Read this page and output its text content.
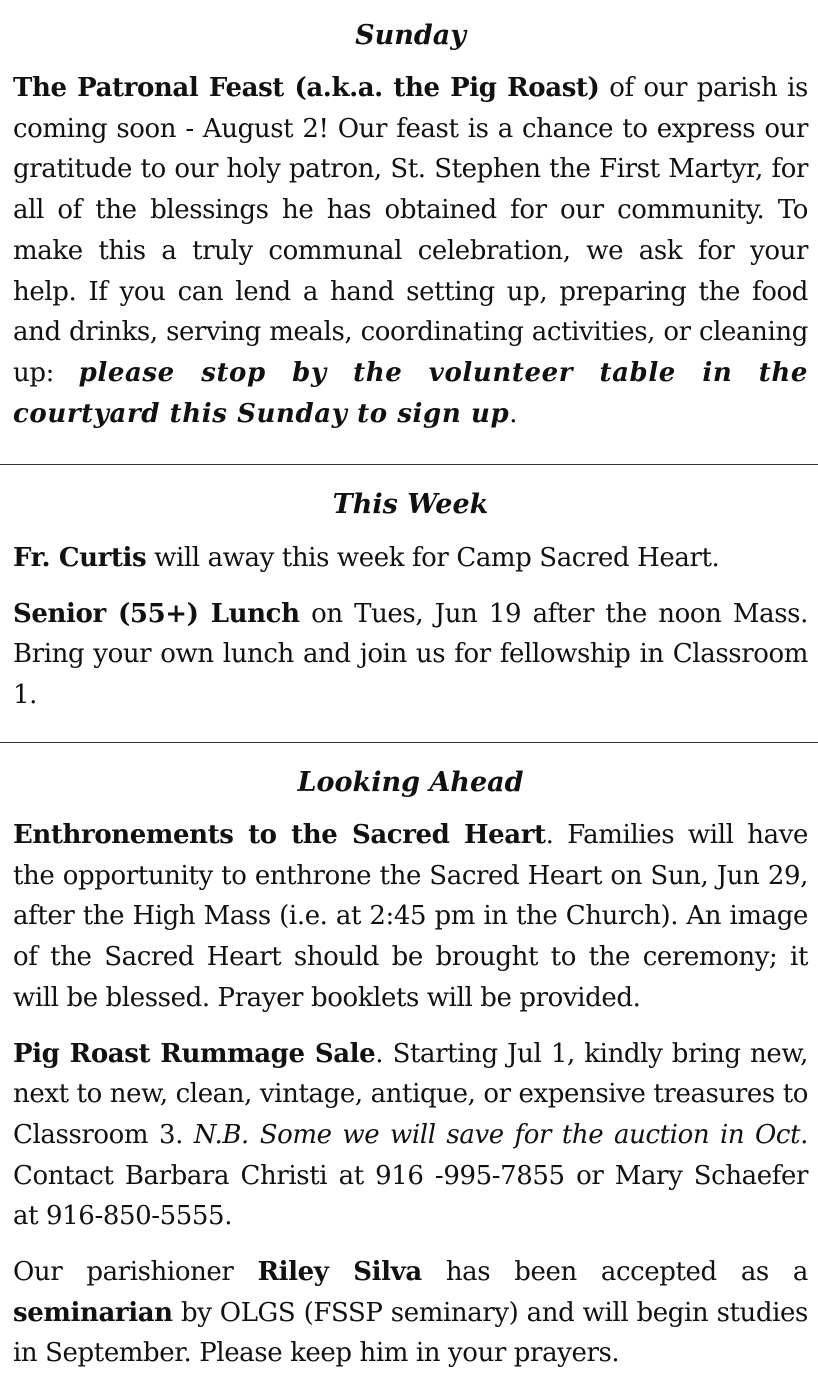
Sunday

The Patronal Feast (a.k.a. the Pig Roast) of our parish is coming soon - August 2! Our feast is a chance to express our gratitude to our holy patron, St. Stephen the First Martyr, for all of the blessings he has obtained for our community. To make this a truly communal celebration, we ask for your help. If you can lend a hand setting up, preparing the food and drinks, serving meals, coordinating activities, or cleaning up: please stop by the volunteer table in the courtyard this Sunday to sign up.

This Week

Fr. Curtis will away this week for Camp Sacred Heart.

Senior (55+) Lunch on Tues, Jun 19 after the noon Mass. Bring your own lunch and join us for fellowship in Classroom 1.

Looking Ahead

Enthronements to the Sacred Heart. Families will have the opportunity to enthrone the Sacred Heart on Sun, Jun 29, after the High Mass (i.e. at 2:45 pm in the Church). An image of the Sacred Heart should be brought to the ceremony; it will be blessed. Prayer booklets will be provided.

Pig Roast Rummage Sale. Starting Jul 1, kindly bring new, next to new, clean, vintage, antique, or expensive treasures to Classroom 3. N.B. Some we will save for the auction in Oct. Contact Barbara Christi at 916 -995-7855 or Mary Schaefer at 916-850-5555.

Our parishioner Riley Silva has been accepted as a seminarian by OLGS (FSSP seminary) and will begin studies in September. Please keep him in your prayers.
